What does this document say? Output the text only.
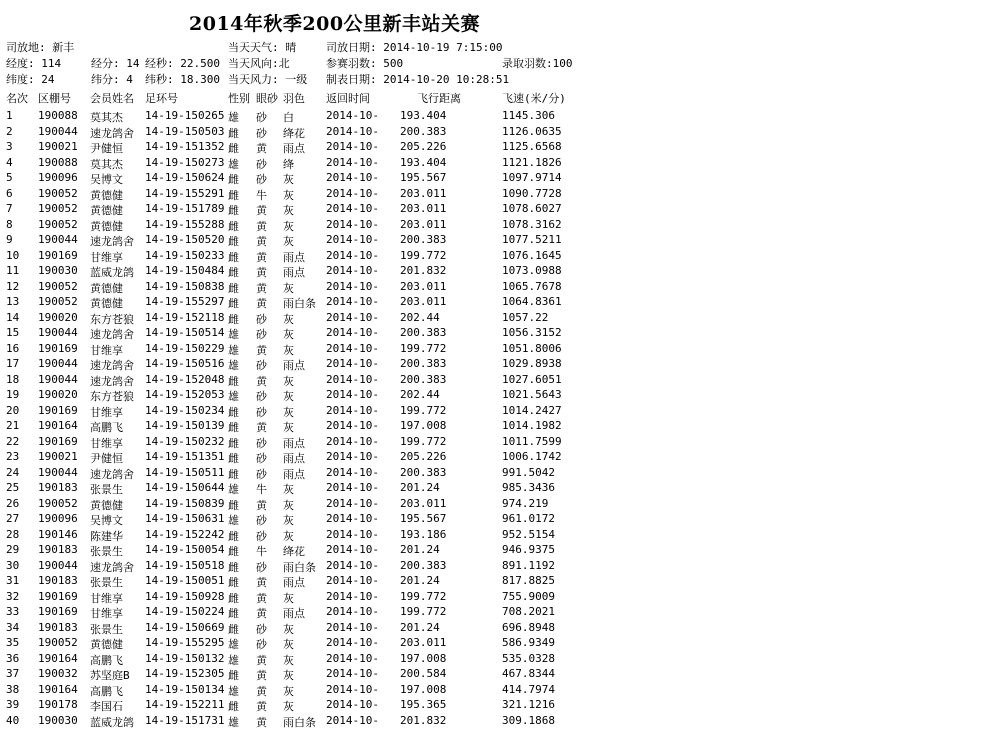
2014年秋季200公里新丰站关赛
司放地: 新丰
经度: 114
纬度: 24
经分: 14
纬分: 4
经秒: 22.500
纬秒: 18.300
当天天气: 晴
当天风向:北
当天风力: 一级
司放日期: 2014-10-19 7:15:00
参赛羽数: 500
制表日期: 2014-10-20 10:28:51
录取羽数:100
名次 区棚号 会员姓名 足环号	性别 眼砂 羽色 返回时间	飞行距离	飞速(米/分)
1 190088 莫其杰 14-19-150265 雄 砂 白	2014-10- 193.404	1145.306
2 190044 速龙鸽舍 14-19-150503 雌 砂 绛花 2014-10- 200.383	1126.0635
3 190021 尹健恒 14-19-151352 雌 黄 雨点 2014-10- 205.226	1125.6568
4 190088 莫其杰 14-19-150273 雄 砂 绛	2014-10- 193.404	1121.1826
5 190096 吴博文 14-19-150624 雌 砂 灰	2014-10- 195.567	1097.9714
6 190052 黄德健 14-19-155291 雌 牛 灰	2014-10- 203.011	1090.7728
7 190052 黄德健 14-19-151789 雌 黄 灰	2014-10- 203.011	1078.6027
8 190052 黄德健 14-19-155288 雌 黄 灰	2014-10- 203.011	1078.3162
9 190044 速龙鸽舍 14-19-150520 雌 黄 灰	2014-10- 200.383	1077.5211
10 190169 甘维享 14-19-150233 雌 黄 雨点 2014-10- 199.772	1076.1645
11 190030 蓝威龙鸽 14-19-150484 雌 黄 雨点 2014-10- 201.832	1073.0988
12 190052 黄德健 14-19-150838 雌 黄 灰	2014-10- 203.011	1065.7678
13 190052 黄德健 14-19-155297 雌 黄 雨白条 2014-10- 203.011	1064.8361
14 190020 东方苍狼 14-19-152118 雌 砂 灰	2014-10- 202.44	1057.22
15 190044 速龙鸽舍 14-19-150514 雄 砂 灰	2014-10- 200.383	1056.3152
16 190169 甘维享 14-19-150229 雄 黄 灰	2014-10- 199.772	1051.8006
17 190044 速龙鸽舍 14-19-150516 雄 砂 雨点 2014-10- 200.383	1029.8938
18 190044 速龙鸽舍 14-19-152048 雌 黄 灰	2014-10- 200.383	1027.6051
19 190020 东方苍狼 14-19-152053 雄 砂 灰	2014-10- 202.44	1021.5643
20 190169 甘维享 14-19-150234 雌 砂 灰	2014-10- 199.772	1014.2427
21 190164 高鹏飞 14-19-150139 雌 黄 灰	2014-10- 197.008	1014.1982
22 190169 甘维享 14-19-150232 雌 砂 雨点 2014-10- 199.772	1011.7599
23 190021 尹健恒 14-19-151351 雌 砂 雨点 2014-10- 205.226	1006.1742
24 190044 速龙鸽舍 14-19-150511 雌 砂 雨点 2014-10- 200.383	991.5042
25 190183 张景生 14-19-150644 雄 牛 灰	2014-10- 201.24	985.3436
26 190052 黄德健 14-19-150839 雌 黄 灰	2014-10- 203.011	974.219
27 190096 吴博文 14-19-150631 雄 砂 灰	2014-10- 195.567	961.0172
28 190146 陈建华 14-19-152242 雌 砂 灰	2014-10- 193.186	952.5154
29 190183 张景生 14-19-150054 雌 牛 绛花 2014-10- 201.24	946.9375
30 190044 速龙鸽舍 14-19-150518 雌 砂 雨白条 2014-10- 200.383	891.1192
31 190183 张景生 14-19-150051 雌 黄 雨点 2014-10- 201.24	817.8825
32 190169 甘维享 14-19-150928 雌 黄 灰	2014-10- 199.772	755.9009
33 190169 甘维享 14-19-150224 雌 黄 雨点 2014-10- 199.772	708.2021
34 190183 张景生 14-19-150669 雌 砂 灰	2014-10- 201.24	696.8948
35 190052 黄德健 14-19-155295 雄 砂 灰	2014-10- 203.011	586.9349
36 190164 高鹏飞 14-19-150132 雄 黄 灰	2014-10- 197.008	535.0328
37 190032 苏坚庭B 14-19-152305 雌 黄 灰	2014-10- 200.584	467.8344
38 190164 高鹏飞 14-19-150134 雄 黄 灰	2014-10- 197.008	414.7974
39 190178 李国石 14-19-152211 雌 黄 灰	2014-10- 195.365	321.1216
40 190030 蓝威龙鸽 14-19-151731 雄 黄 雨白条 2014-10- 201.832	309.1868
